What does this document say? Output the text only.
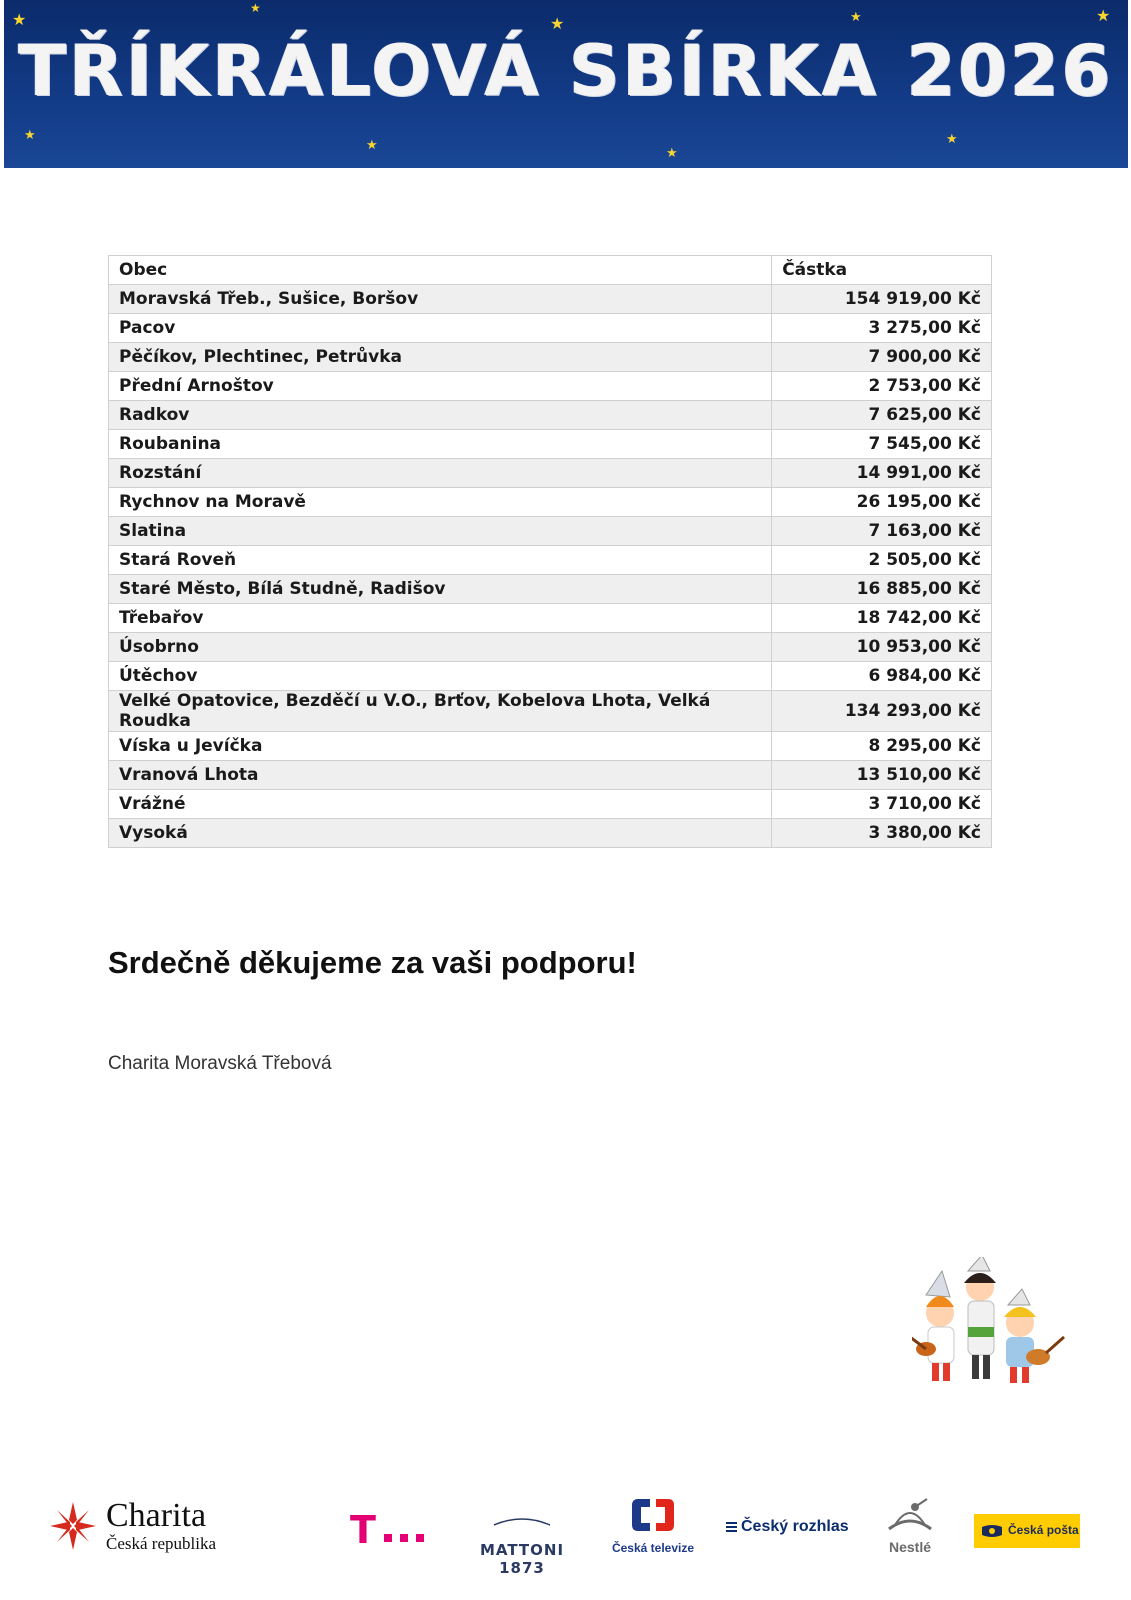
★
★
★	★	★
★
★
★
★
TŘÍKRÁLOVÁ SBÍRKA 2026
Obec	Částka
Moravská Třeb., Sušice, Boršov	154 919,00 Kč
Pacov	3 275,00 Kč
Pěčíkov, Plechtinec, Petrůvka	7 900,00 Kč
Přední Arnoštov	2 753,00 Kč
Radkov	7 625,00 Kč
Roubanina	7 545,00 Kč
Rozstání	14 991,00 Kč
Rychnov na Moravě	26 195,00 Kč
Slatina	7 163,00 Kč
Stará Roveň	2 505,00 Kč
Staré Město, Bílá Studně, Radišov	16 885,00 Kč
Třebařov	18 742,00 Kč
Úsobrno	10 953,00 Kč
Útěchov	6 984,00 Kč
Velké Opatovice, Bezděčí u V.O., Brťov, Kobelova Lhota, Velká Roudka	134 293,00 Kč
Víska u Jevíčka	8 295,00 Kč
Vranová Lhota	13 510,00 Kč
Vrážné	3 710,00 Kč
Vysoká	3 380,00 Kč
Srdečně děkujeme za vaši podporu!
Charita Moravská Třebová
Charita
Česká republika	T	MATTONI 1873
Česká televize
Český rozhlas
Nestlé
Česká pošta
